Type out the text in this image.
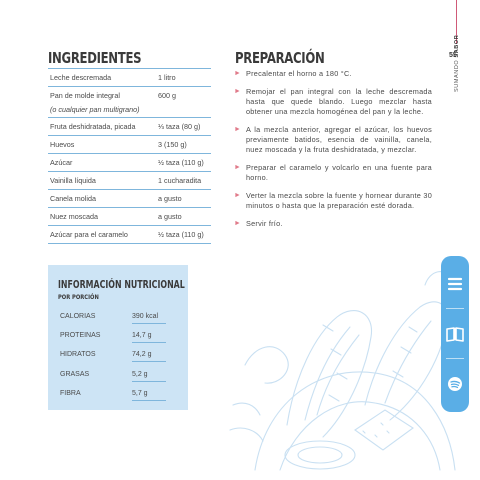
INGREDIENTES
Leche descremada	1 litro
Pan de molde integral	600 g
(o cualquier pan multigrano)
Fruta deshidratada, picada	⅓ taza (80 g)
Huevos	3 (150 g)
Azúcar	½ taza (110 g)
Vainilla líquida	1 cucharadita
Canela molida	a gusto
Nuez moscada	a gusto
Azúcar para el caramelo	½ taza (110 g)
PREPARACIÓN
► Precalentar el horno a 180 °C.
► Remojar el pan integral con la leche descremada hasta que quede blando. Luego mezclar hasta obtener una mezcla homogénea del pan y la leche.
► A la mezcla anterior, agregar el azúcar, los huevos previamente batidos, esencia de vainilla, canela, nuez moscada y la fruta deshidratada, y mezclar.
► Preparar el caramelo y volcarlo en una fuente para horno.
► Verter la mezcla sobre la fuente y hornear durante 30 minutos o hasta que la preparación esté dorada.
► Servir frío.
INFORMACIÓN NUTRICIONAL
POR PORCIÓN
CALORIAS	390 kcal
PROTEINAS	14,7 g
HIDRATOS	74,2 g
GRASAS	5,2 g
FIBRA	5,7 g
55
SUMANDO SABOR
